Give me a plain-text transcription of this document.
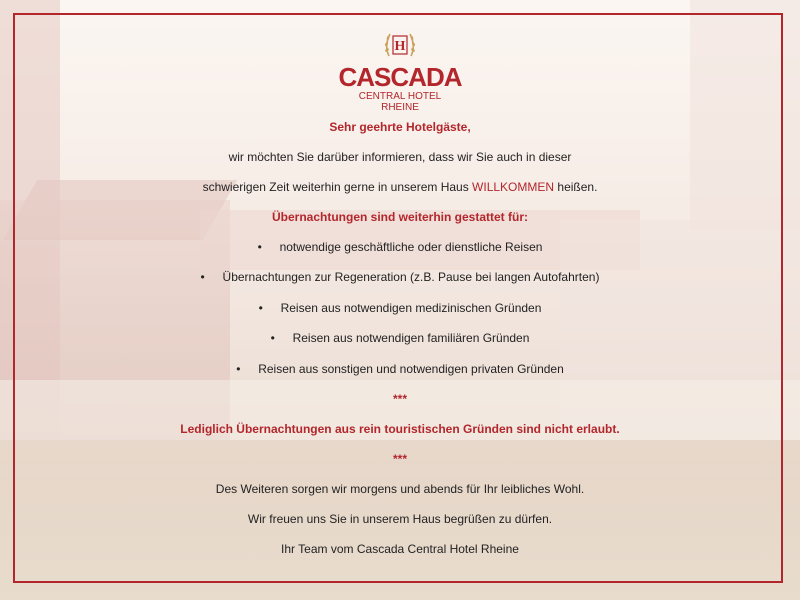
H
CASCADA
CENTRAL HOTEL
RHEINE
Sehr geehrte Hotelgäste,
wir möchten Sie darüber informieren, dass wir Sie auch in dieser
schwierigen Zeit weiterhin gerne in unserem Haus WILLKOMMEN heißen.
Übernachtungen sind weiterhin gestattet für:
• notwendige geschäftliche oder dienstliche Reisen
• Übernachtungen zur Regeneration (z.B. Pause bei langen Autofahrten)
• Reisen aus notwendigen medizinischen Gründen
• Reisen aus notwendigen familiären Gründen
• Reisen aus sonstigen und notwendigen privaten Gründen
***
Lediglich Übernachtungen aus rein touristischen Gründen sind nicht erlaubt.
***
Des Weiteren sorgen wir morgens und abends für Ihr leibliches Wohl.
Wir freuen uns Sie in unserem Haus begrüßen zu dürfen.
Ihr Team vom Cascada Central Hotel Rheine
